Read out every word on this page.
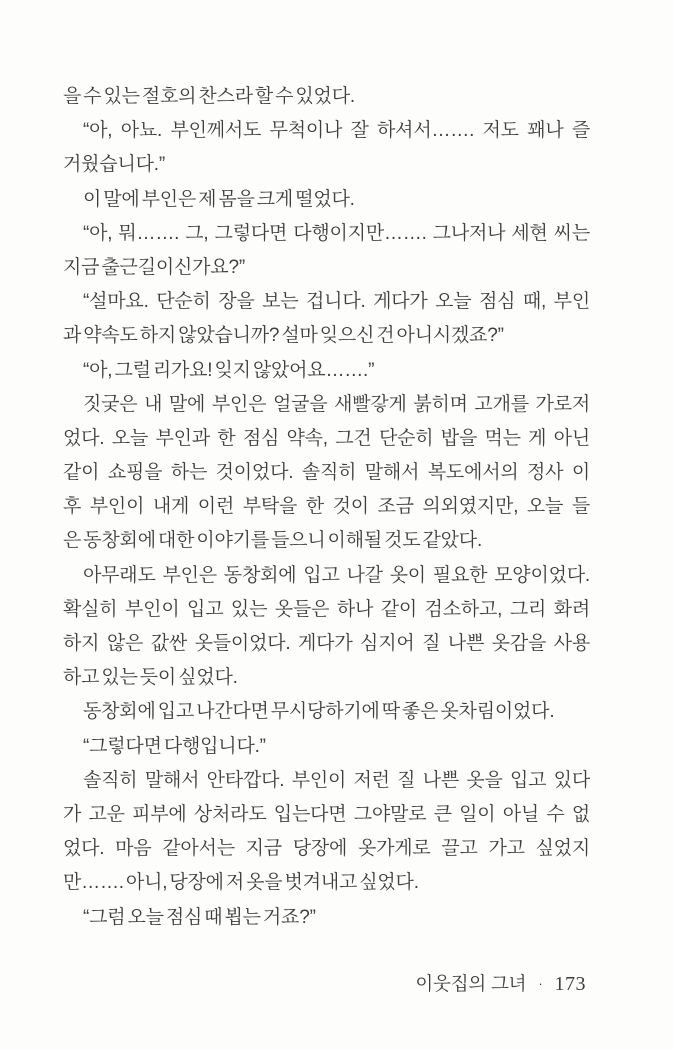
을 수 있는 절호의 찬스라 할 수 있었다.
“아, 아뇨. 부인께서도 무척이나 잘 하셔서……. 저도 꽤나 즐
거웠습니다.”
이 말에 부인은 제 몸을 크게 떨었다.
“아, 뭐……. 그, 그렇다면 다행이지만……. 그나저나 세현 씨는
지금 출근길이신가요?”
“설마요. 단순히 장을 보는 겁니다. 게다가 오늘 점심 때, 부인
과 약속도 하지 않았습니까? 설마 잊으신 건 아니시겠죠?”
“아, 그럴 리가요! 잊지 않았어요…….”
짓궂은 내 말에 부인은 얼굴을 새빨갛게 붉히며 고개를 가로저
었다. 오늘 부인과 한 점심 약속, 그건 단순히 밥을 먹는 게 아닌
같이 쇼핑을 하는 것이었다. 솔직히 말해서 복도에서의 정사 이
후 부인이 내게 이런 부탁을 한 것이 조금 의외였지만, 오늘 들
은 동창회에 대한 이야기를 들으니 이해될 것도 같았다.
아무래도 부인은 동창회에 입고 나갈 옷이 필요한 모양이었다.
확실히 부인이 입고 있는 옷들은 하나 같이 검소하고, 그리 화려
하지 않은 값싼 옷들이었다. 게다가 심지어 질 나쁜 옷감을 사용
하고 있는 듯이 싶었다.
동창회에 입고 나간다면 무시당하기에 딱 좋은 옷차림이었다.
“그렇다면 다행입니다.”
솔직히 말해서 안타깝다. 부인이 저런 질 나쁜 옷을 입고 있다
가 고운 피부에 상처라도 입는다면 그야말로 큰 일이 아닐 수 없
었다. 마음 같아서는 지금 당장에 옷가게로 끌고 가고 싶었지
만……. 아니, 당장에 저 옷을 벗겨내고 싶었다.
“그럼 오늘 점심 때 뵙는 거죠?”
이웃집의 그녀 · 173
